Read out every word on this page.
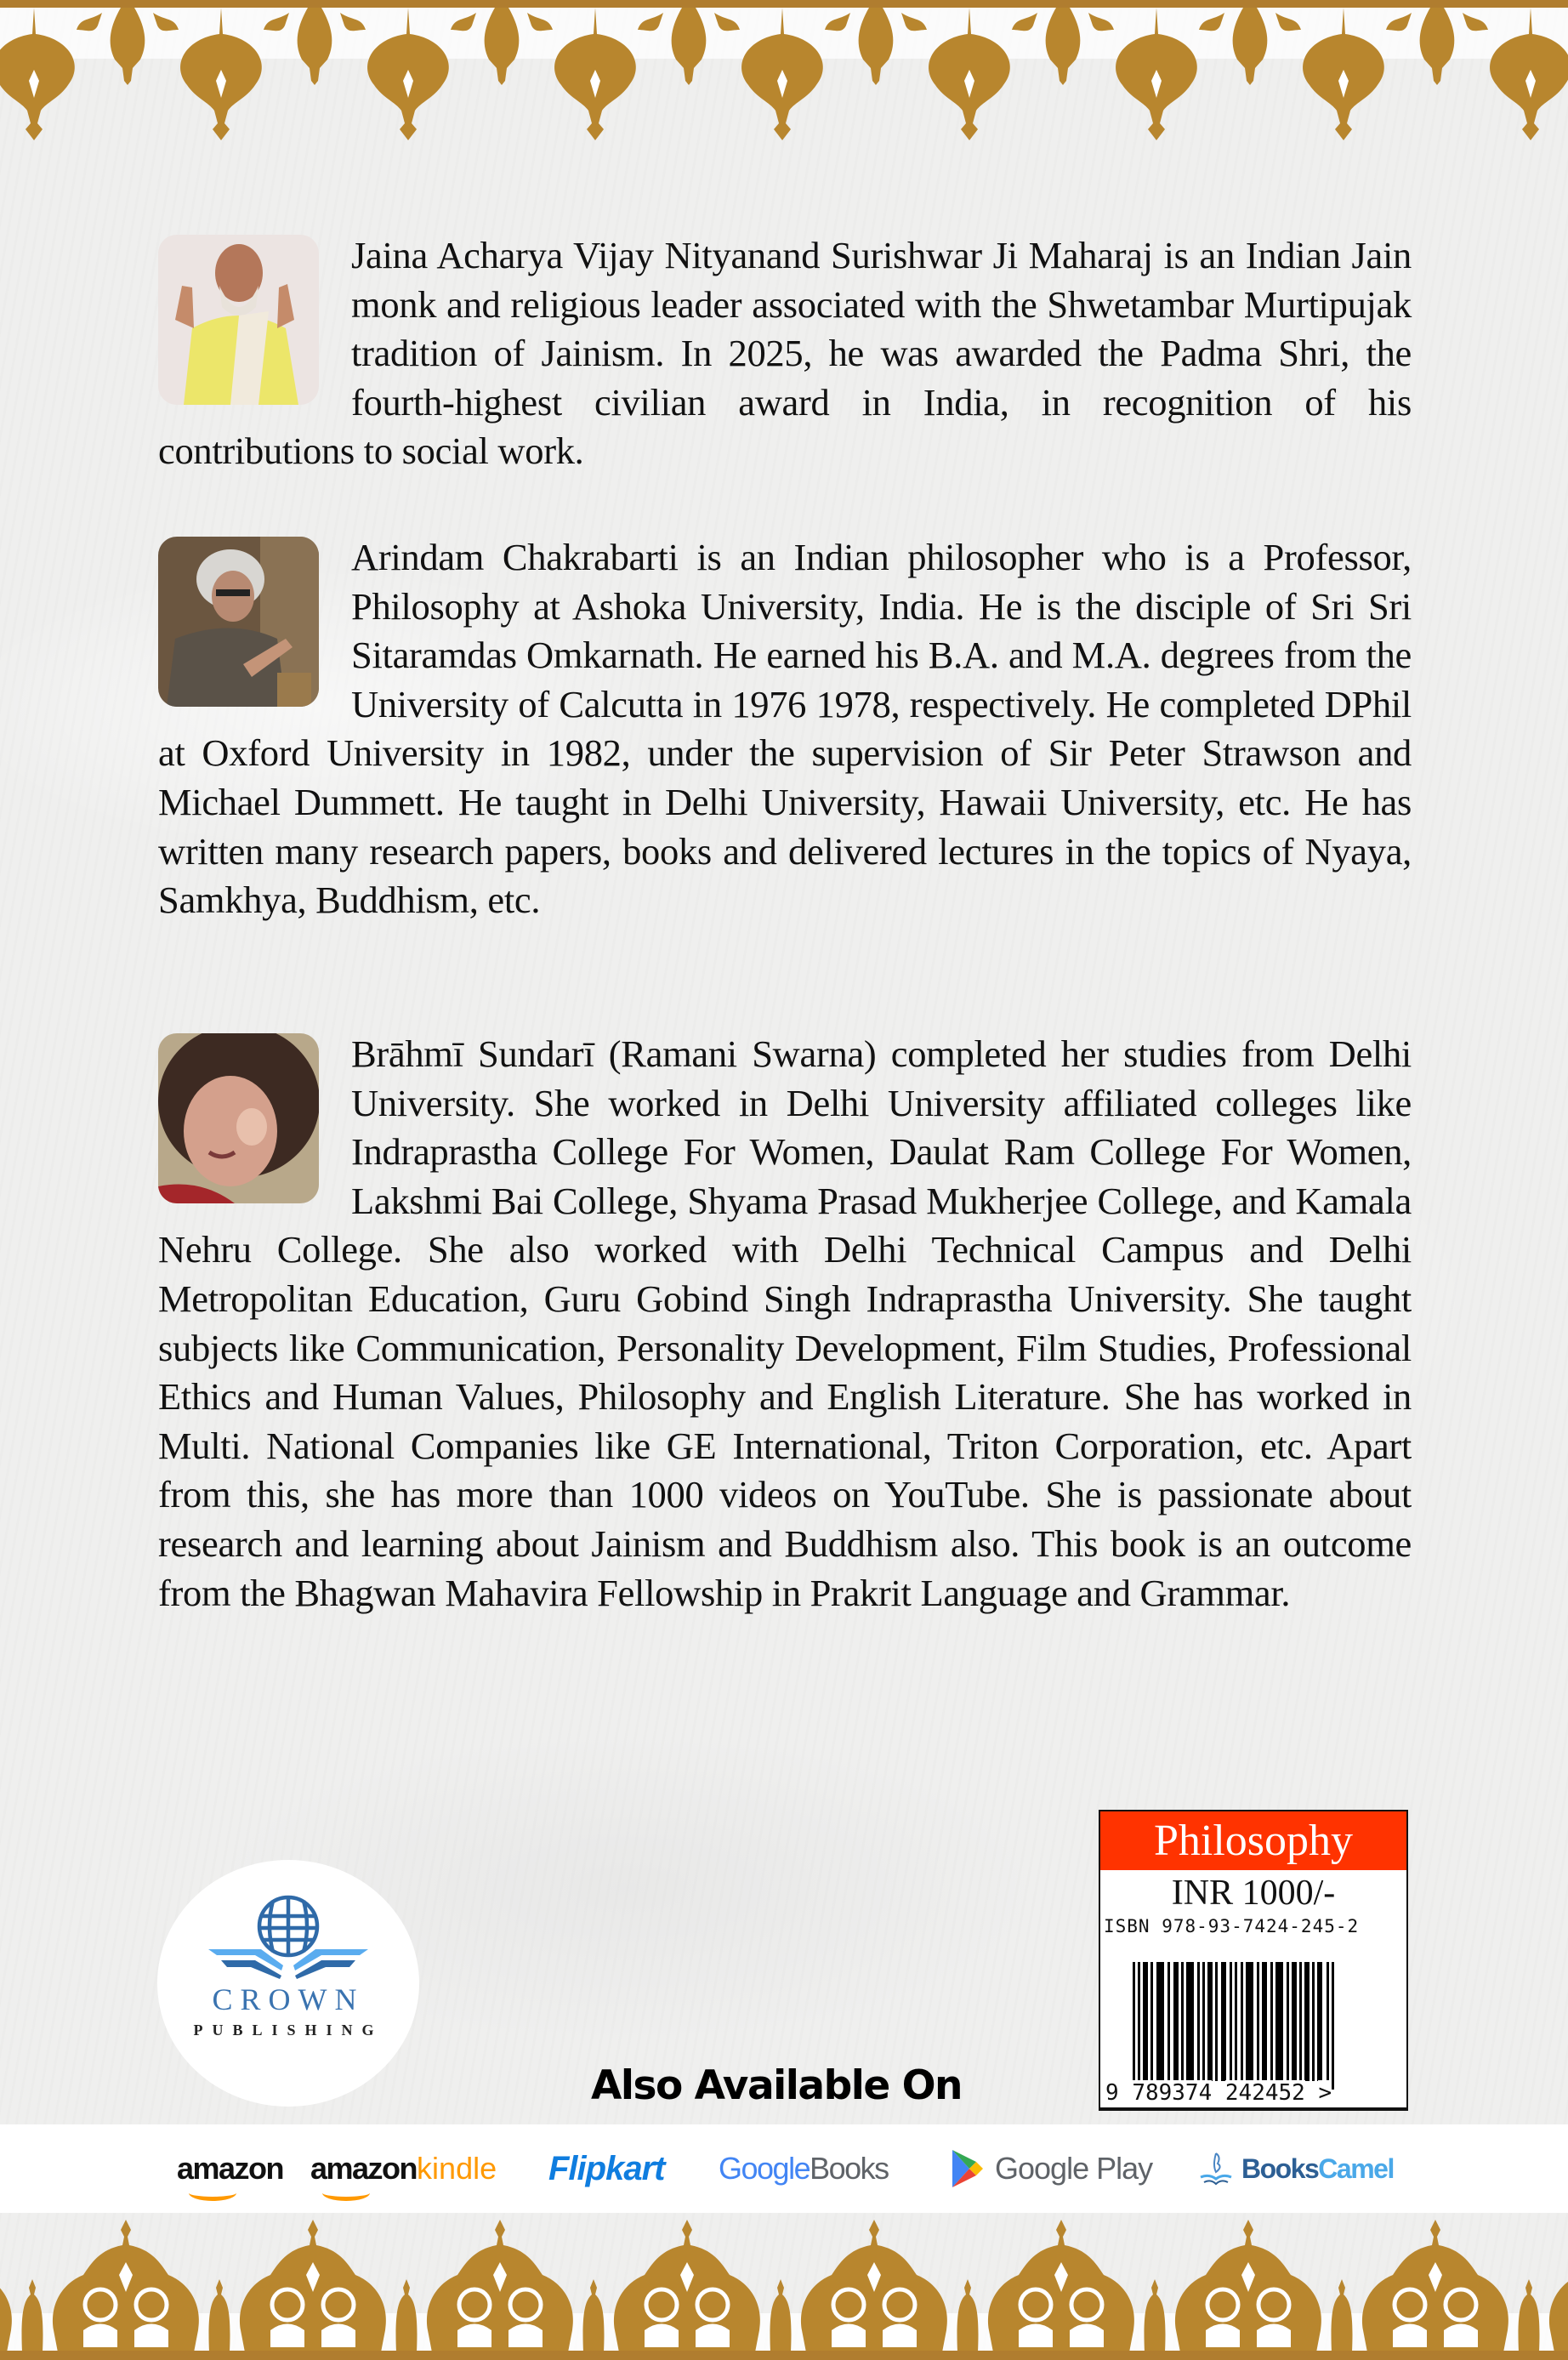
Jaina Acharya Vijay Nityanand Surishwar Ji Maharaj is an Indian Jain monk and religious leader associated with the Shwetambar Murtipujak tradition of Jainism. In 2025, he was awarded the Padma Shri, the fourth-highest civilian award in India, in recognition of his contributions to social work.
Arindam Chakrabarti is an Indian philosopher who is a Professor, Philosophy at Ashoka University, India. He is the disciple of Sri Sri Sitaramdas Omkarnath. He earned his B.A. and M.A. degrees from the University of Calcutta in 1976 1978, respectively. He completed DPhil at Oxford University in 1982, under the supervision of Sir Peter Strawson and Michael Dummett. He taught in Delhi University, Hawaii University, etc. He has written many research papers, books and delivered lectures in the topics of Nyaya, Samkhya, Buddhism, etc.
Brāhmī Sundarī (Ramani Swarna) completed her studies from Delhi University. She worked in Delhi University affiliated colleges like Indraprastha College For Women, Daulat Ram College For Women, Lakshmi Bai College, Shyama Prasad Mukherjee College, and Kamala Nehru College. She also worked with Delhi Technical Campus and Delhi Metropolitan Education, Guru Gobind Singh Indraprastha University. She taught subjects like Communication, Personality Development, Film Studies, Professional Ethics and Human Values, Philosophy and English Literature. She has worked in Multi. National Companies like GE International, Triton Corporation, etc. Apart from this, she has more than 1000 videos on YouTube. She is passionate about research and learning about Jainism and Buddhism also. This book is an outcome from the Bhagwan Mahavira Fellowship in Prakrit Language and Grammar.
CROWN
PUBLISHING
Also Available On
Philosophy
INR 1000/-
ISBN 978-93-7424-245-2
9 789374 242452 >
amazon amazonkindle Flipkart GoogleBooks	Google Play	BooksCamel
